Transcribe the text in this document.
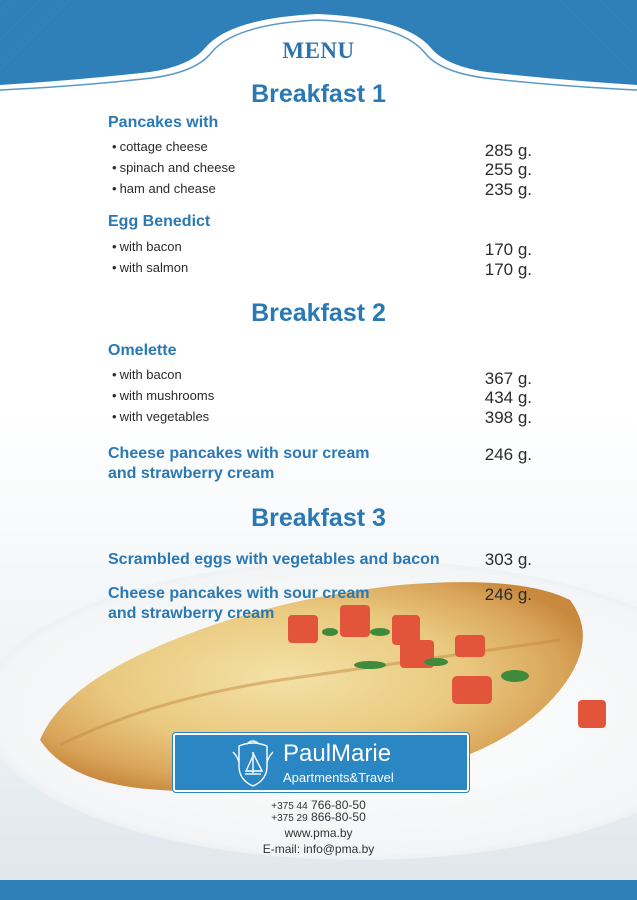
MENU
Breakfast 1
Pancakes with
• cottage cheese	285 g.
• spinach and cheese	255 g.
• ham and chease	235 g.
Egg Benedict
• with bacon	170 g.
• with salmon	170 g.
Breakfast 2
Omelette
• with bacon	367 g.
• with mushrooms	434 g.
• with vegetables	398 g.
Cheese pancakes with sour cream
and strawberry cream
246 g.
Breakfast 3
Scrambled eggs with vegetables and bacon	303 g.
Cheese pancakes with sour cream
and strawberry cream
246 g.
PaulMarie
Apartments&Travel
+375 44 766-80-50
+375 29 866-80-50
www.pma.by
E-mail: info@pma.by
